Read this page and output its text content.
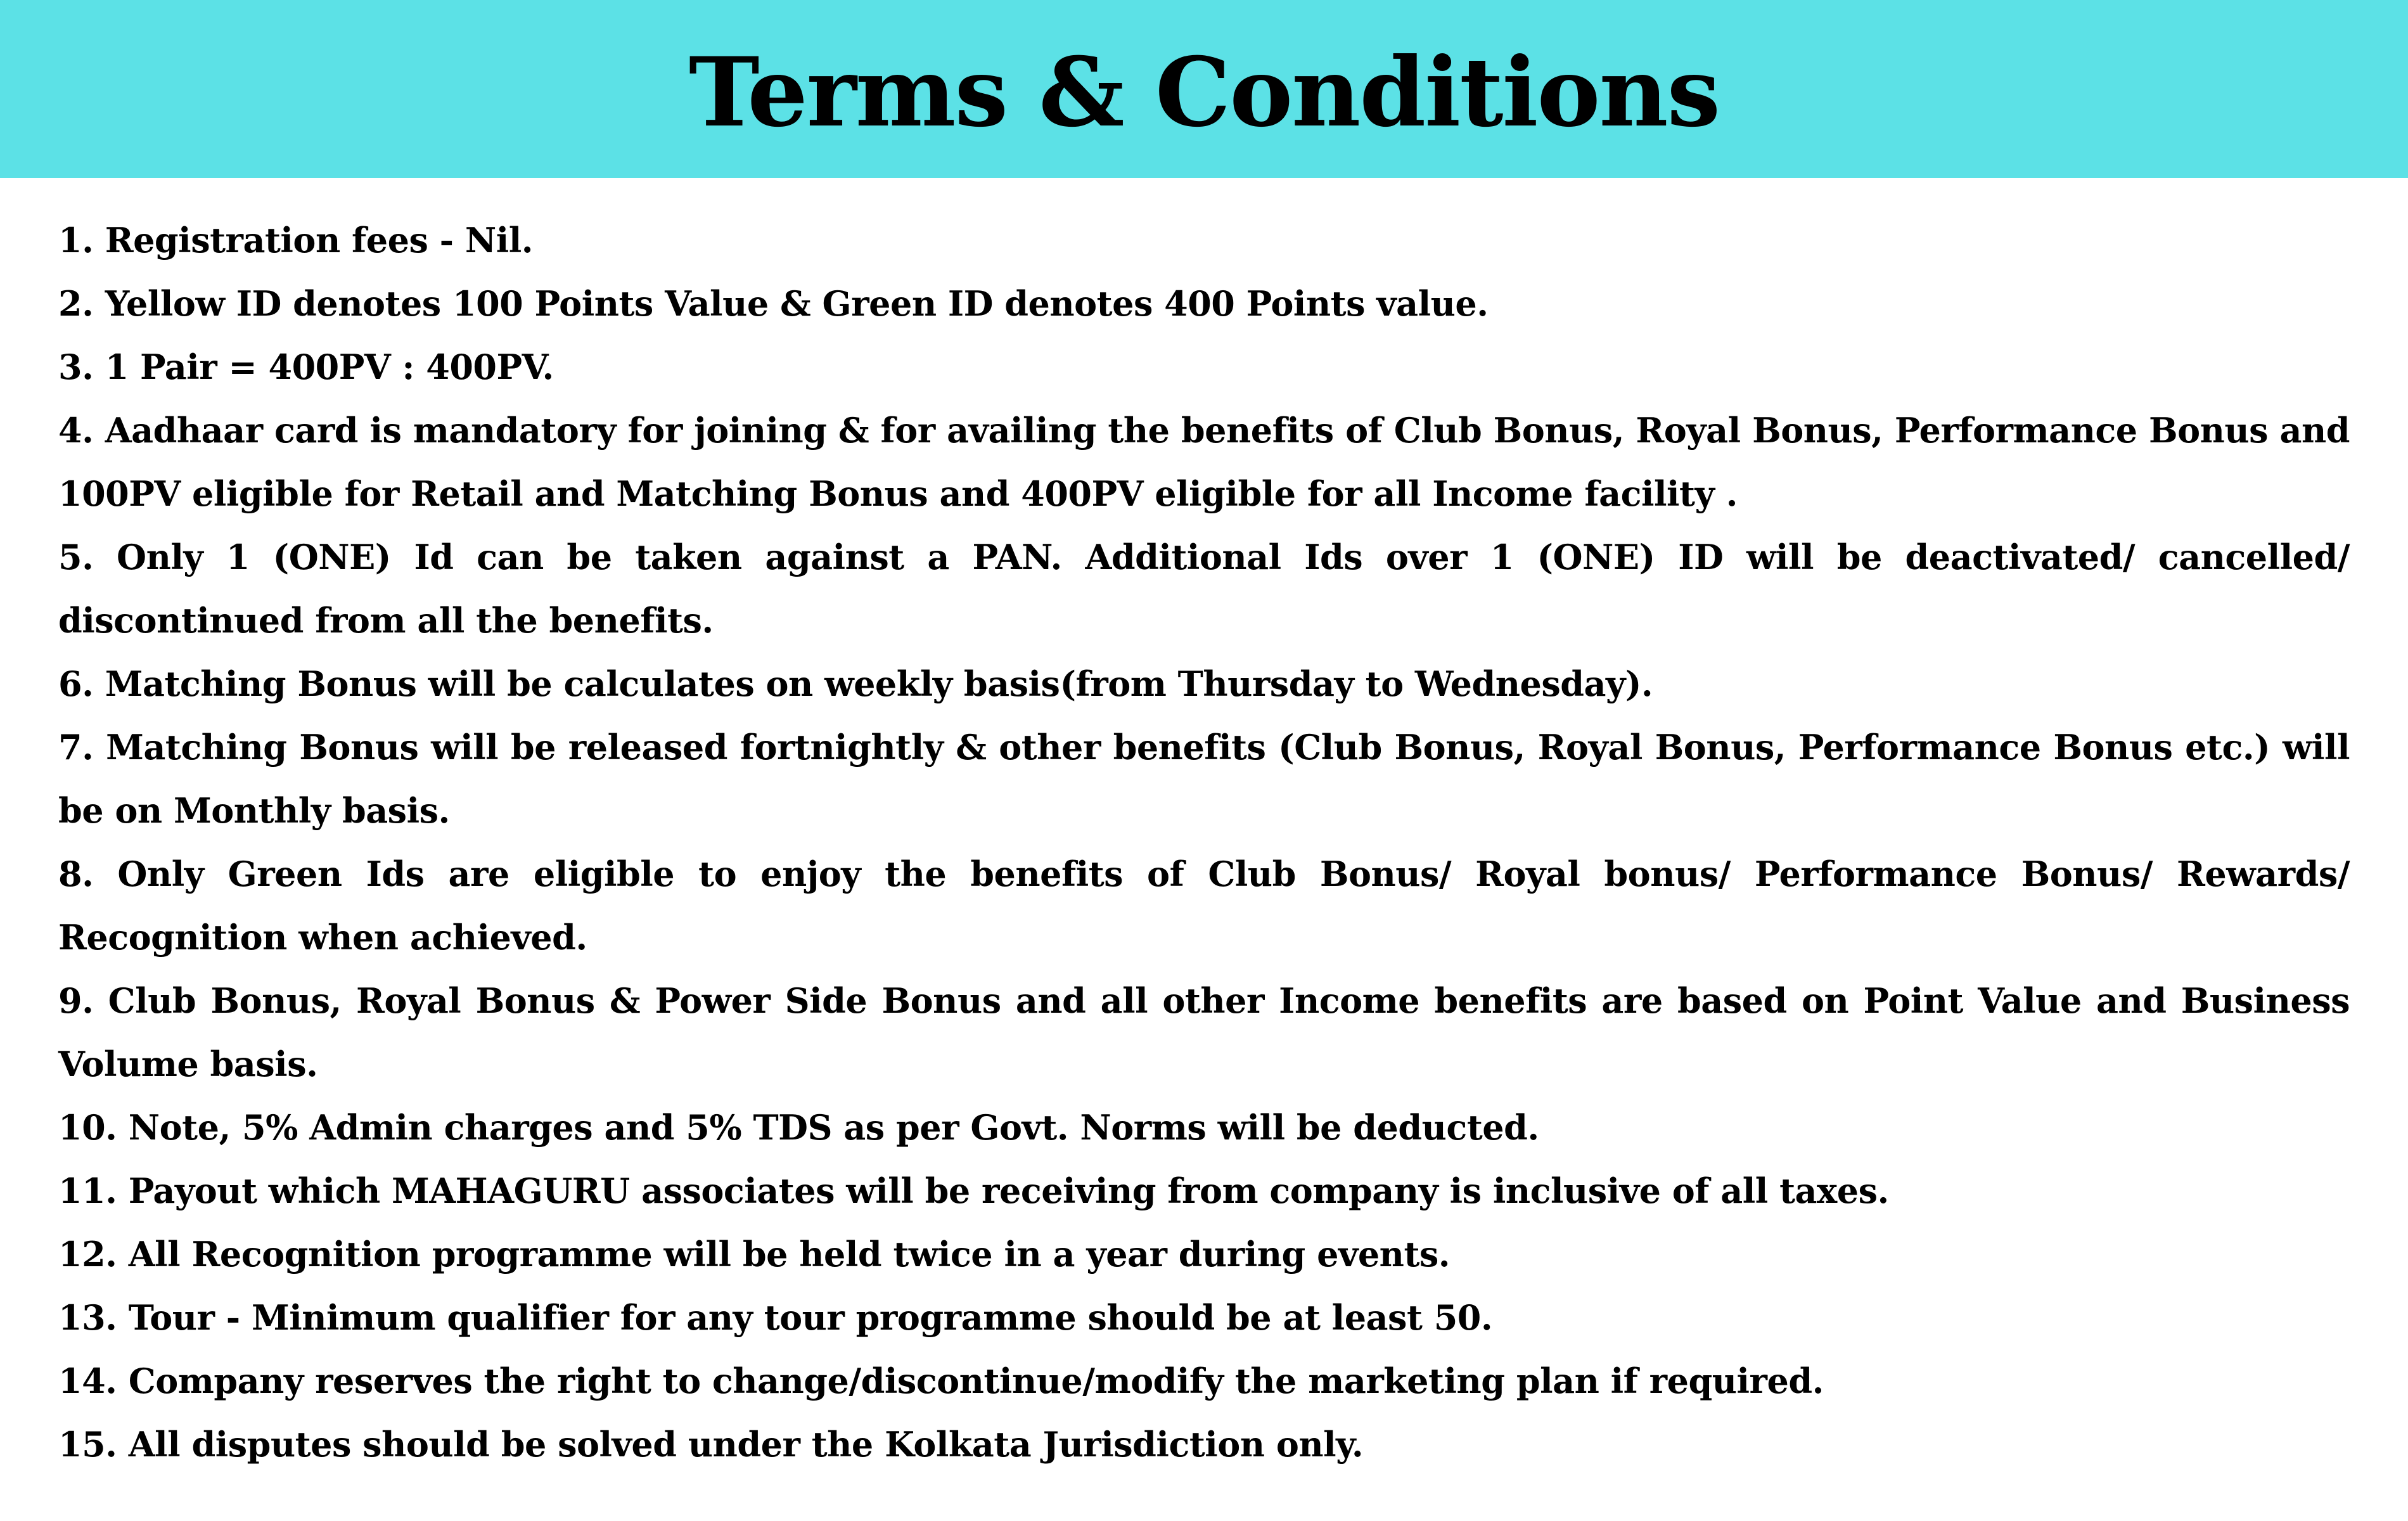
Terms & Conditions

1. Registration fees - Nil.

2. Yellow ID denotes 100 Points Value & Green ID denotes 400 Points value.

3. 1 Pair = 400PV : 400PV.

4. Aadhaar card is mandatory for joining & for availing the benefits of Club Bonus, Royal Bonus, Performance Bonus and 100PV eligible for Retail and Matching Bonus and 400PV eligible for all Income facility .

5. Only 1 (ONE) Id can be taken against a PAN. Additional Ids over 1 (ONE) ID will be deactivated/ cancelled/ discontinued from all the benefits.

6. Matching Bonus will be calculates on weekly basis(from Thursday to Wednesday).

7. Matching Bonus will be released fortnightly & other benefits (Club Bonus, Royal Bonus, Performance Bonus etc.) will be on Monthly basis.

8. Only Green Ids are eligible to enjoy the benefits of Club Bonus/ Royal bonus/ Performance Bonus/ Rewards/ Recognition when achieved.

9. Club Bonus, Royal Bonus & Power Side Bonus and all other Income benefits are based on Point Value and Business Volume basis.

10. Note, 5% Admin charges and 5% TDS as per Govt. Norms will be deducted.

11. Payout which MAHAGURU associates will be receiving from company is inclusive of all taxes.

12. All Recognition programme will be held twice in a year during events.

13. Tour - Minimum qualifier for any tour programme should be at least 50.

14. Company reserves the right to change/discontinue/modify the marketing plan if required.

15. All disputes should be solved under the Kolkata Jurisdiction only.
